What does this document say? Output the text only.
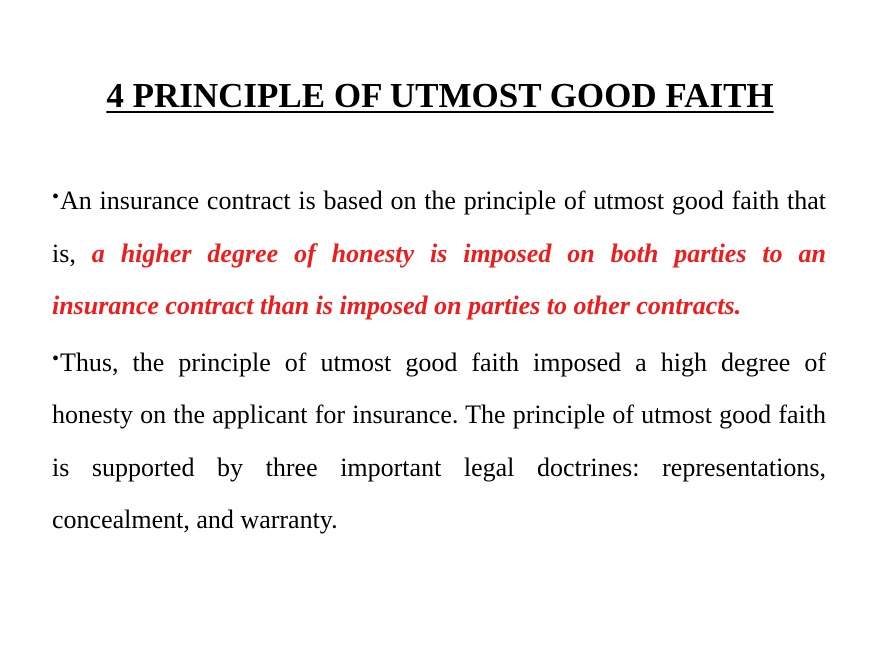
4 PRINCIPLE OF UTMOST GOOD FAITH

•An insurance contract is based on the principle of utmost good faith that is, a higher degree of honesty is imposed on both parties to an insurance contract than is imposed on parties to other contracts.

•Thus, the principle of utmost good faith imposed a high degree of honesty on the applicant for insurance. The principle of utmost good faith is supported by three important legal doctrines: representations, concealment, and warranty.
